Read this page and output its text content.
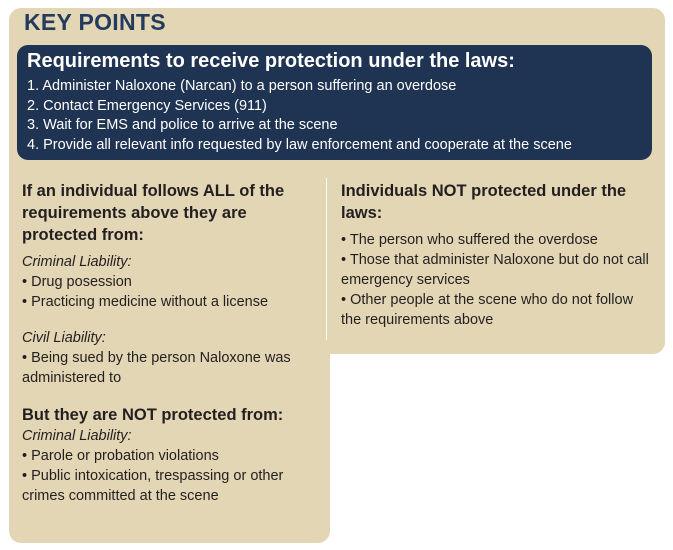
KEY POINTS
Requirements to receive protection under the laws:
1. Administer Naloxone (Narcan) to a person suffering an overdose
2. Contact Emergency Services (911)
3. Wait for EMS and police to arrive at the scene
4. Provide all relevant info requested by law enforcement and cooperate at the scene
If an individual follows ALL of the requirements above they are protected from:

Criminal Liability:

• Drug posession

• Practicing medicine without a license

Civil Liability:

• Being sued by the person Naloxone was administered to

But they are NOT protected from:

Criminal Liability:

• Parole or probation violations

• Public intoxication, trespassing or other crimes committed at the scene

Individuals NOT protected under the laws:

• The person who suffered the overdose

• Those that administer Naloxone but do not call emergency services

• Other people at the scene who do not follow the requirements above
